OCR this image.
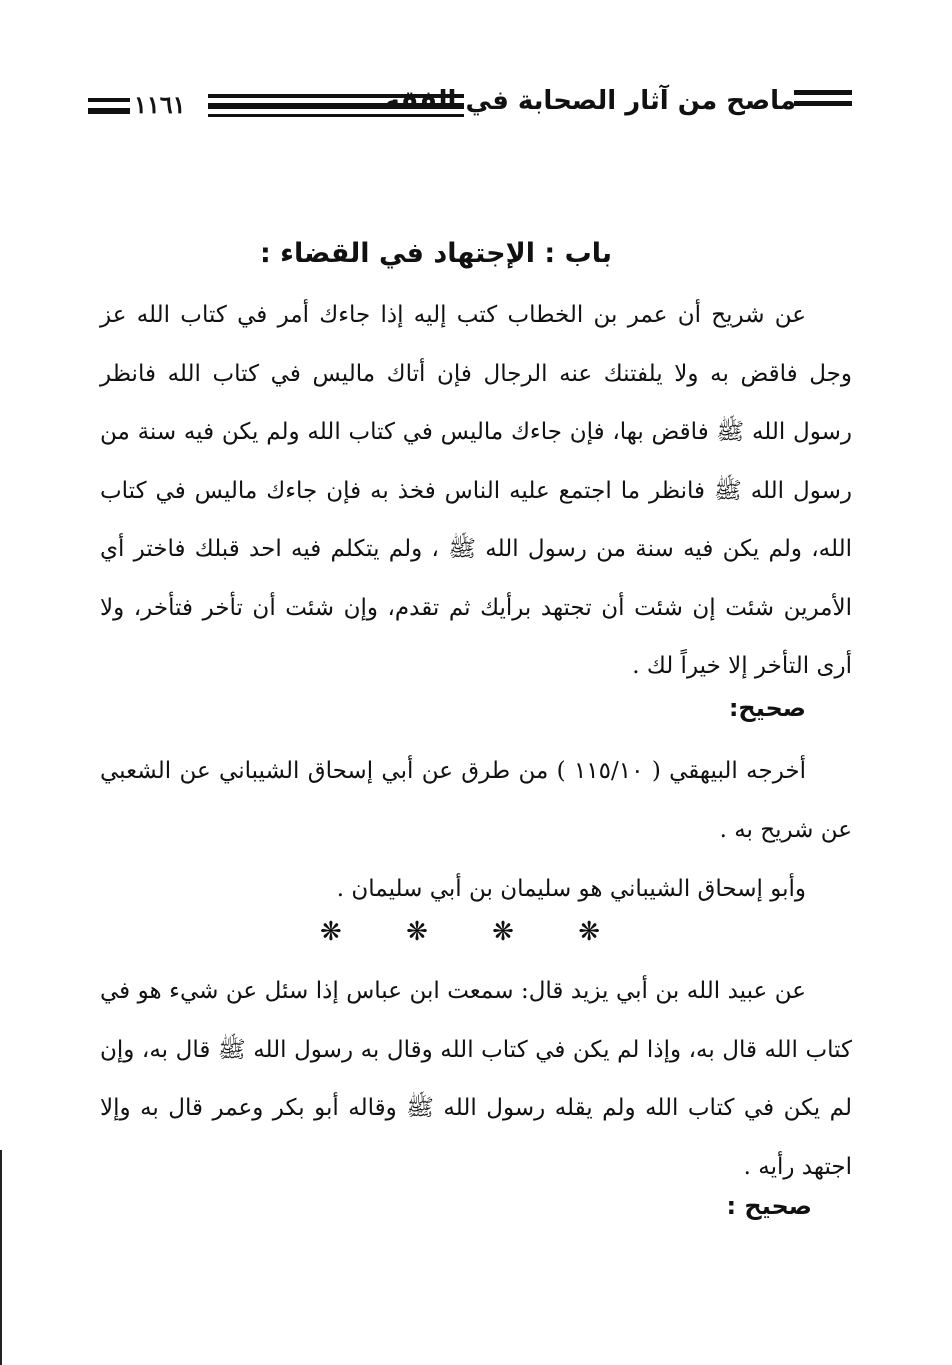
ماصح من آثار الصحابة في الفقه
١١٦١
باب : الإجتهاد في القضاء :

عن شريح أن عمر بن الخطاب كتب إليه إذا جاءك أمر في كتاب الله عز وجل فاقض به ولا يلفتنك عنه الرجال فإن أتاك ماليس في كتاب الله فانظر رسول الله ﷺ فاقض بها، فإن جاءك ماليس في كتاب الله ولم يكن فيه سنة من رسول الله ﷺ فانظر ما اجتمع عليه الناس فخذ به فإن جاءك ماليس في كتاب الله، ولم يكن فيه سنة من رسول الله ﷺ ، ولم يتكلم فيه احد قبلك فاختر أي الأمرين شئت إن شئت أن تجتهد برأيك ثم تقدم، وإن شئت أن تأخر فتأخر، ولا أرى التأخر إلا خيراً لك .

صحيح:

أخرجه البيهقي ( ١١٥/١٠ ) من طرق عن أبي إسحاق الشيباني عن الشعبي عن شريح به .

وأبو إسحاق الشيباني هو سليمان بن أبي سليمان .

❋
❋
❋
❋

عن عبيد الله بن أبي يزيد قال: سمعت ابن عباس إذا سئل عن شيء هو في كتاب الله قال به، وإذا لم يكن في كتاب الله وقال به رسول الله ﷺ قال به، وإن لم يكن في كتاب الله ولم يقله رسول الله ﷺ وقاله أبو بكر وعمر قال به وإلا اجتهد رأيه .

صحيح :
